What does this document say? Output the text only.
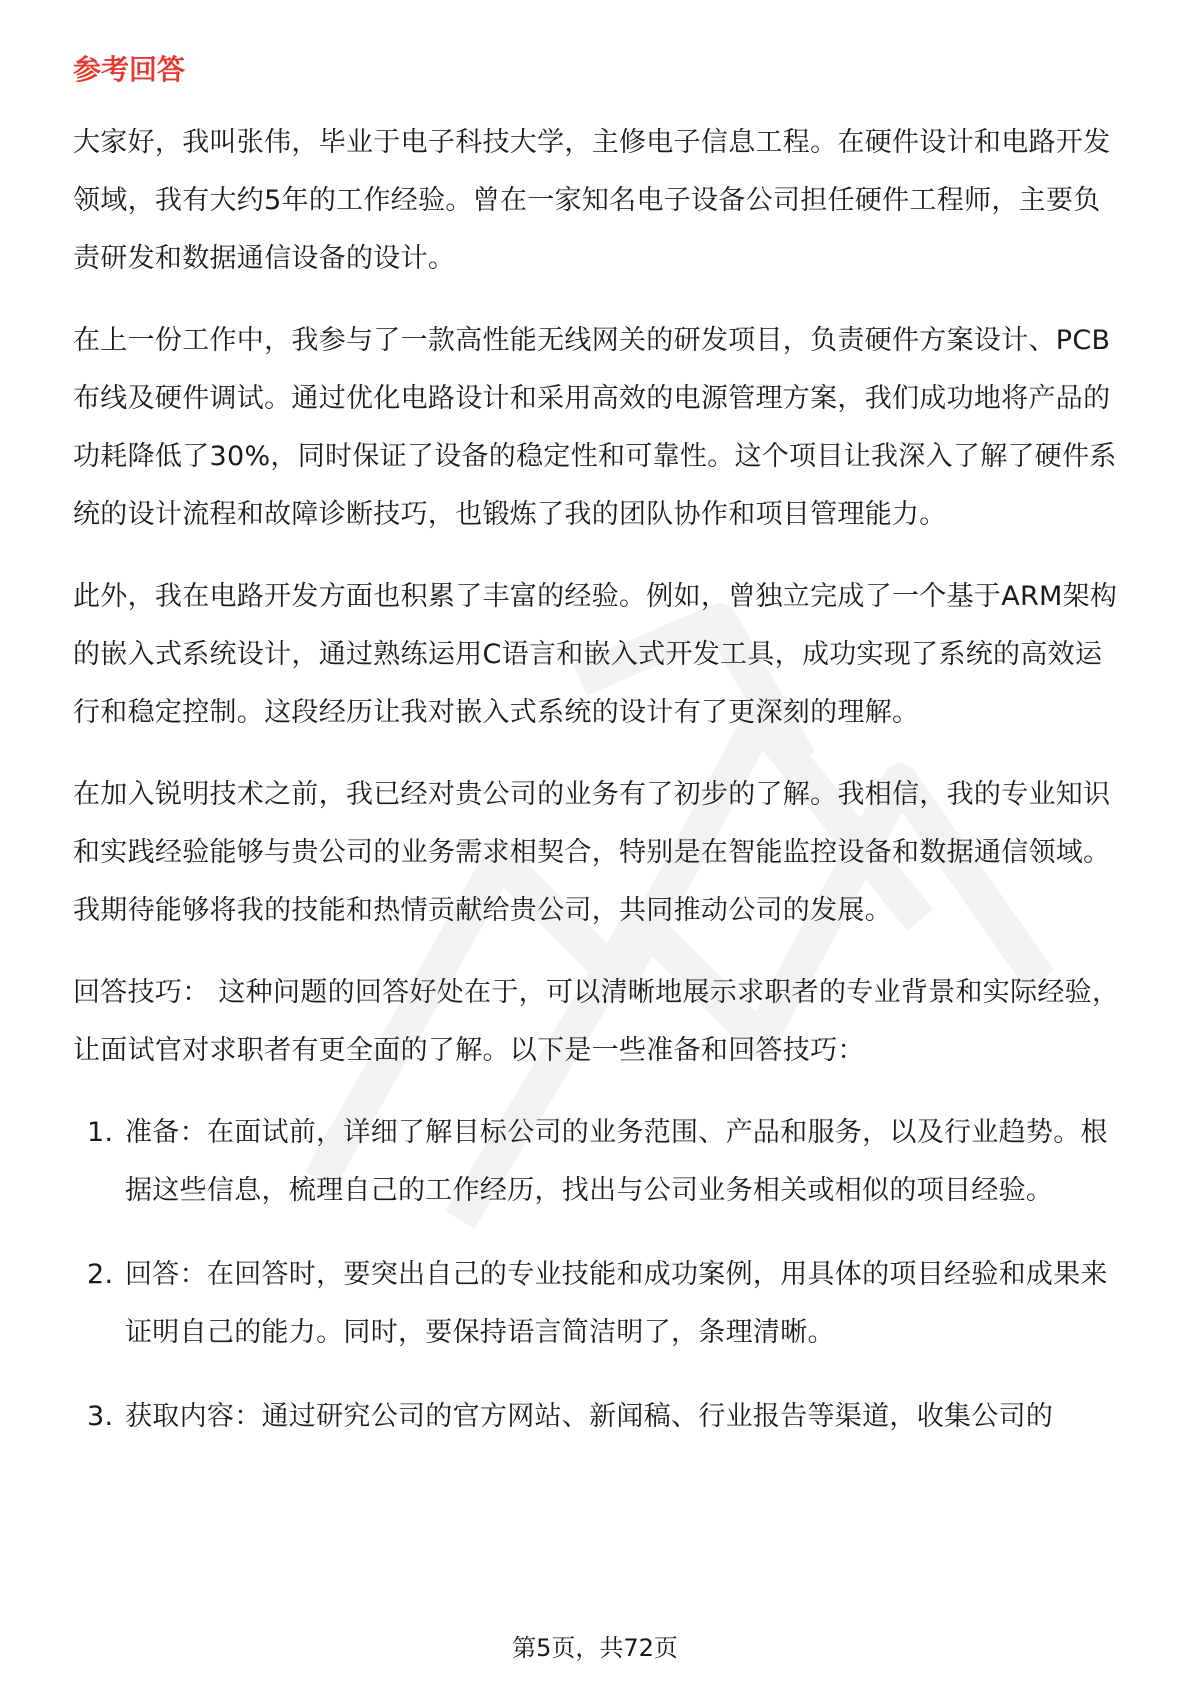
参考回答

大家好，我叫张伟，毕业于电子科技大学，主修电子信息工程。在硬件设计和电路开发领域，我有大约5年的工作经验。曾在一家知名电子设备公司担任硬件工程师，主要负责研发和数据通信设备的设计。

在上一份工作中，我参与了一款高性能无线网关的研发项目，负责硬件方案设计、PCB布线及硬件调试。通过优化电路设计和采用高效的电源管理方案，我们成功地将产品的功耗降低了30%，同时保证了设备的稳定性和可靠性。这个项目让我深入了解了硬件系统的设计流程和故障诊断技巧，也锻炼了我的团队协作和项目管理能力。

此外，我在电路开发方面也积累了丰富的经验。例如，曾独立完成了一个基于ARM架构的嵌入式系统设计，通过熟练运用C语言和嵌入式开发工具，成功实现了系统的高效运行和稳定控制。这段经历让我对嵌入式系统的设计有了更深刻的理解。

在加入锐明技术之前，我已经对贵公司的业务有了初步的了解。我相信，我的专业知识和实践经验能够与贵公司的业务需求相契合，特别是在智能监控设备和数据通信领域。我期待能够将我的技能和热情贡献给贵公司，共同推动公司的发展。

回答技巧： 这种问题的回答好处在于，可以清晰地展示求职者的专业背景和实际经验，让面试官对求职者有更全面的了解。以下是一些准备和回答技巧：

1. 准备：在面试前，详细了解目标公司的业务范围、产品和服务，以及行业趋势。根据这些信息，梳理自己的工作经历，找出与公司业务相关或相似的项目经验。
2. 回答：在回答时，要突出自己的专业技能和成功案例，用具体的项目经验和成果来证明自己的能力。同时，要保持语言简洁明了，条理清晰。
3. 获取内容：通过研究公司的官方网站、新闻稿、行业报告等渠道，收集公司的
第5页，共72页
